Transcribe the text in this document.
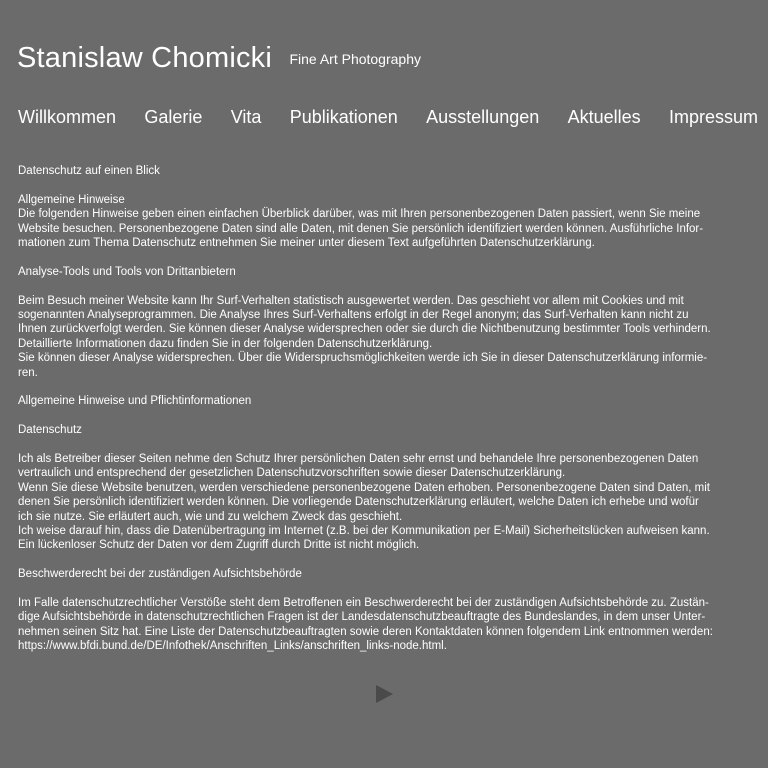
Stanislaw Chomicki Fine Art Photography
Willkommen Galerie Vita Publikationen Ausstellungen Aktuelles Impressum

Datenschutz auf einen Blick

Allgemeine Hinweise

Die folgenden Hinweise geben einen einfachen Überblick darüber, was mit Ihren personenbezogenen Daten passiert, wenn Sie meine

Website besuchen. Personenbezogene Daten sind alle Daten, mit denen Sie persönlich identifiziert werden können. Ausführliche Infor-

mationen zum Thema Datenschutz entnehmen Sie meiner unter diesem Text aufgeführten Datenschutzerklärung.

Analyse-Tools und Tools von Drittanbietern

Beim Besuch meiner Website kann Ihr Surf-Verhalten statistisch ausgewertet werden. Das geschieht vor allem mit Cookies und mit

sogenannten Analyseprogrammen. Die Analyse Ihres Surf-Verhaltens erfolgt in der Regel anonym; das Surf-Verhalten kann nicht zu

Ihnen zurückverfolgt werden. Sie können dieser Analyse widersprechen oder sie durch die Nichtbenutzung bestimmter Tools verhindern.

Detaillierte Informationen dazu finden Sie in der folgenden Datenschutzerklärung.

Sie können dieser Analyse widersprechen. Über die Widerspruchsmöglichkeiten werde ich Sie in dieser Datenschutzerklärung informie-

ren.

Allgemeine Hinweise und Pflichtinformationen

Datenschutz

Ich als Betreiber dieser Seiten nehme den Schutz Ihrer persönlichen Daten sehr ernst und behandele Ihre personenbezogenen Daten

vertraulich und entsprechend der gesetzlichen Datenschutzvorschriften sowie dieser Datenschutzerklärung.

Wenn Sie diese Website benutzen, werden verschiedene personenbezogene Daten erhoben. Personenbezogene Daten sind Daten, mit

denen Sie persönlich identifiziert werden können. Die vorliegende Datenschutzerklärung erläutert, welche Daten ich erhebe und wofür

ich sie nutze. Sie erläutert auch, wie und zu welchem Zweck das geschieht.

Ich weise darauf hin, dass die Datenübertragung im Internet (z.B. bei der Kommunikation per E-Mail) Sicherheitslücken aufweisen kann.

Ein lückenloser Schutz der Daten vor dem Zugriff durch Dritte ist nicht möglich.

Beschwerderecht bei der zuständigen Aufsichtsbehörde

Im Falle datenschutzrechtlicher Verstöße steht dem Betroffenen ein Beschwerderecht bei der zuständigen Aufsichtsbehörde zu. Zustän-

dige Aufsichtsbehörde in datenschutzrechtlichen Fragen ist der Landesdatenschutzbeauftragte des Bundeslandes, in dem unser Unter-

nehmen seinen Sitz hat. Eine Liste der Datenschutzbeauftragten sowie deren Kontaktdaten können folgendem Link entnommen werden:

https://www.bfdi.bund.de/DE/Infothek/Anschriften_Links/anschriften_links-node.html.
